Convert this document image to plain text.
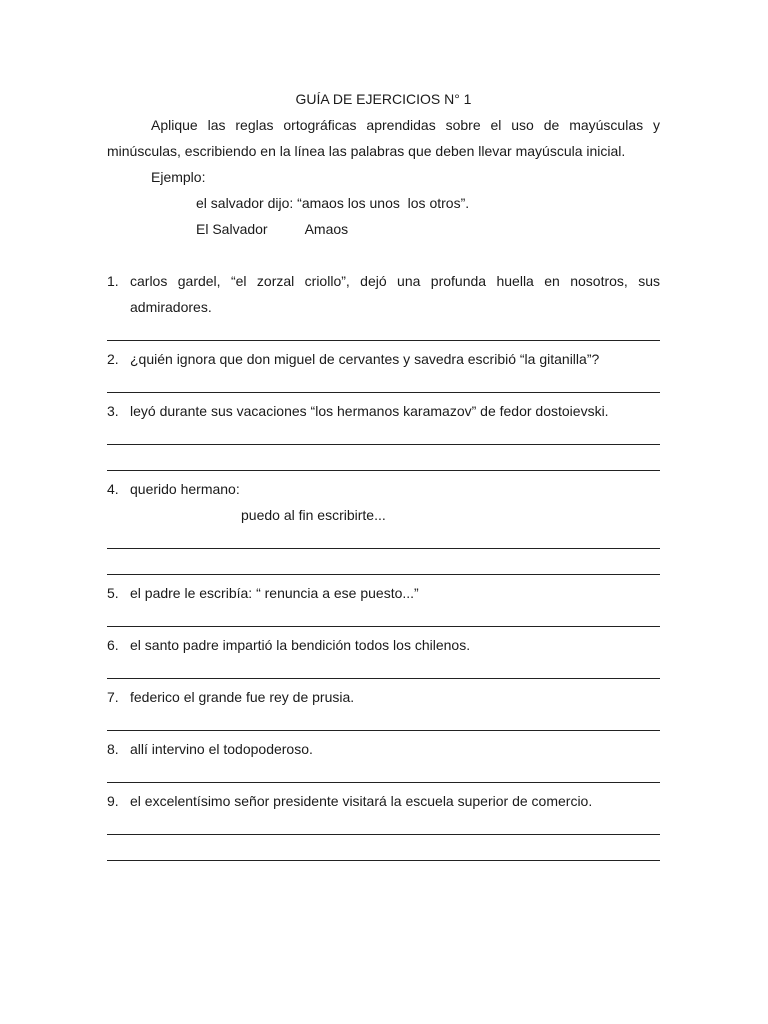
GUÍA DE EJERCICIOS N° 1

Aplique las reglas ortográficas aprendidas sobre el uso de mayúsculas y minúsculas, escribiendo en la línea las palabras que deben llevar mayúscula inicial.

Ejemplo:

el salvador dijo: “amaos los unos  los otros”.

El Salvador	Amaos

1. carlos gardel, “el zorzal criollo”, dejó una profunda huella en nosotros, sus admiradores.
2. ¿quién ignora que don miguel de cervantes y savedra escribió “la gitanilla”?
3. leyó durante sus vacaciones “los hermanos karamazov” de fedor dostoievski.
4. querido hermano:

puedo al fin escribirte...

5. el padre le escribía: “ renuncia a ese puesto...”
6. el santo padre impartió la bendición todos los chilenos.
7. federico el grande fue rey de prusia.
8. allí intervino el todopoderoso.
9. el excelentísimo señor presidente visitará la escuela superior de comercio.
